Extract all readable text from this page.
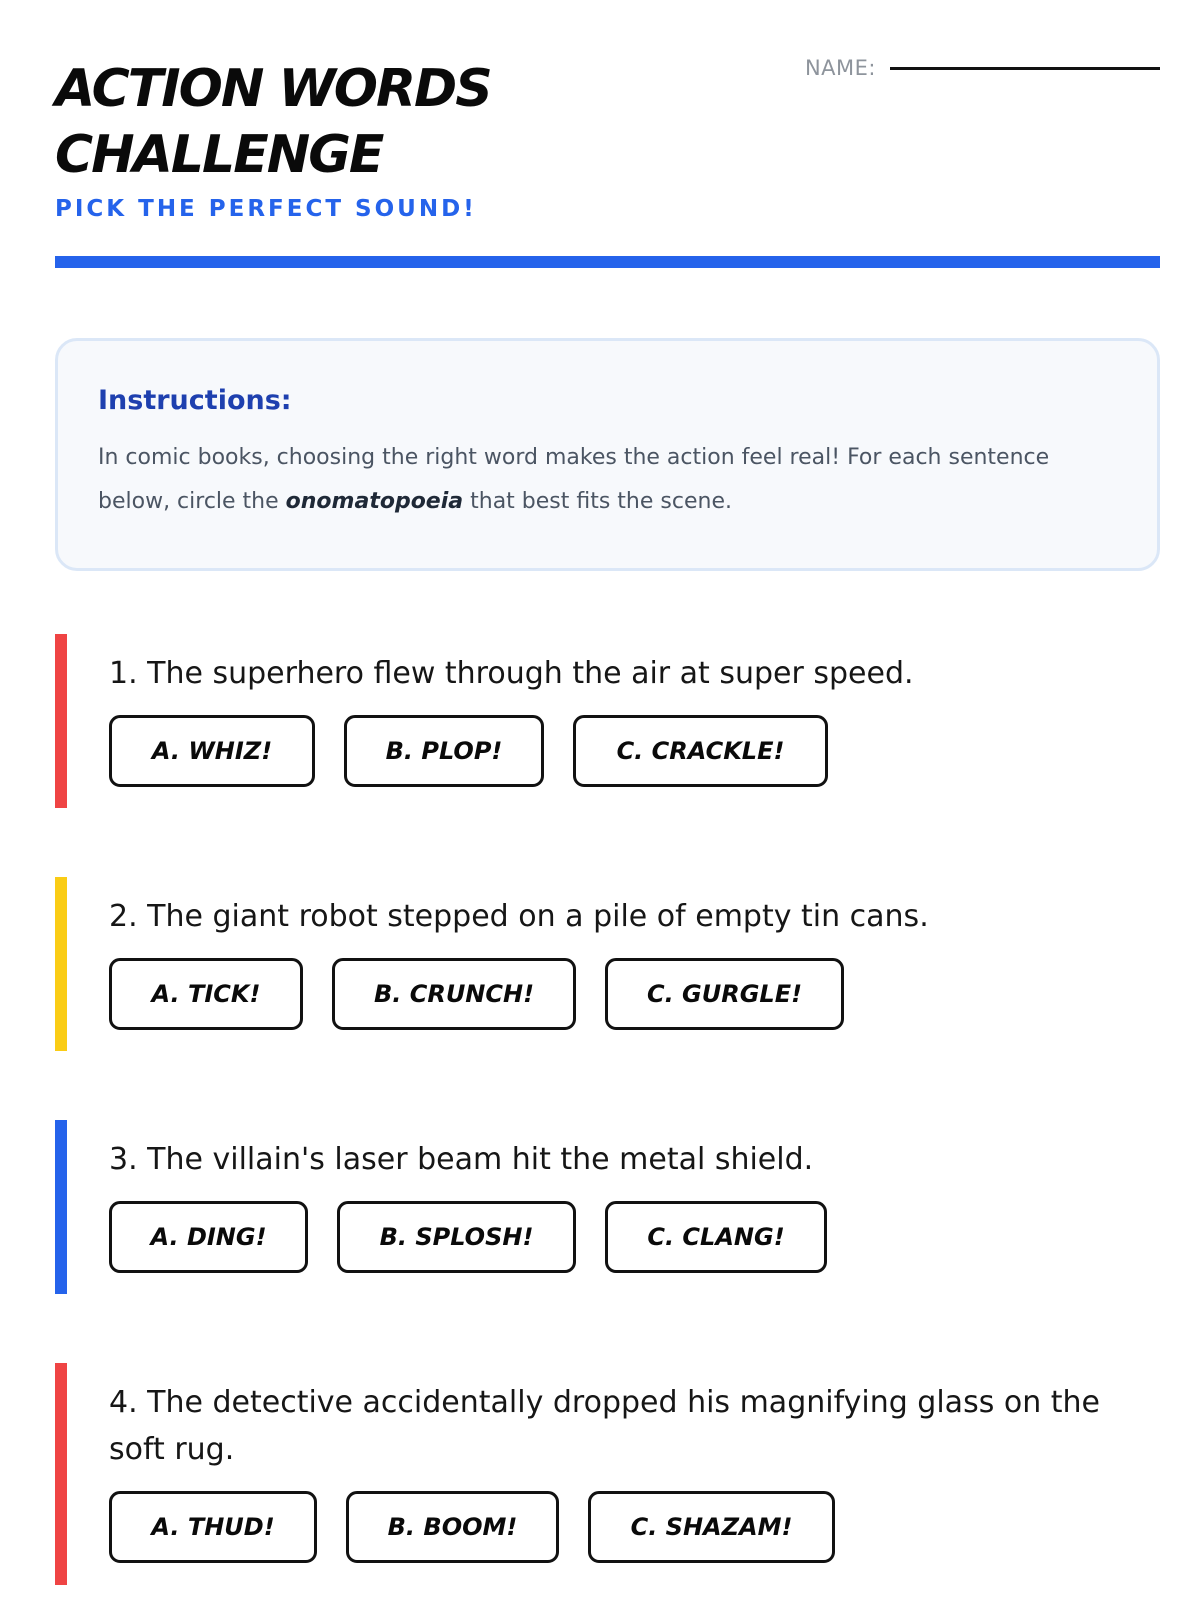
ACTION WORDS CHALLENGE
PICK THE PERFECT SOUND!
NAME:
Instructions:
In comic books, choosing the right word makes the action feel real! For each sentence below, circle the onomatopoeia that best fits the scene.
1. The superhero flew through the air at super speed.
A. WHIZ!	B. PLOP!	C. CRACKLE!
2. The giant robot stepped on a pile of empty tin cans.
A. TICK!	B. CRUNCH!	C. GURGLE!
3. The villain's laser beam hit the metal shield.
A. DING!	B. SPLOSH!	C. CLANG!
4. The detective accidentally dropped his magnifying glass on the soft rug.
A. THUD!	B. BOOM!	C. SHAZAM!
